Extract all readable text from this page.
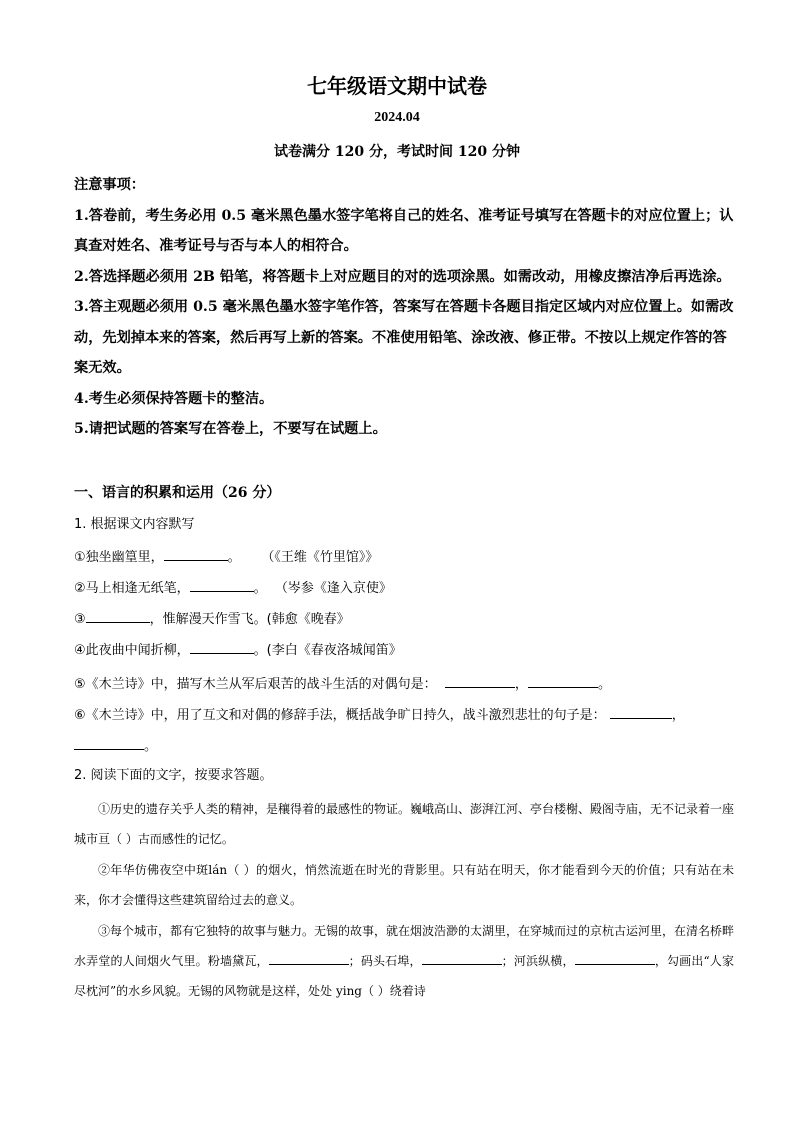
七年级语文期中试卷
2024.04
试卷满分 120 分，考试时间 120 分钟

注意事项：

1.答卷前，考生务必用 0.5 毫米黑色墨水签字笔将自己的姓名、准考证号填写在答题卡的对应位置上；认真查对姓名、准考证号与否与本人的相符合。

2.答选择题必须用 2B 铅笔，将答题卡上对应题目的对的选项涂黑。如需改动，用橡皮擦洁净后再选涂。

3.答主观题必须用 0.5 毫米黑色墨水签字笔作答，答案写在答题卡各题目指定区域内对应位置上。如需改动，先划掉本来的答案，然后再写上新的答案。不准使用铅笔、涂改液、修正带。不按以上规定作答的答案无效。

4.考生必须保持答题卡的整洁。

5.请把试题的答案写在答卷上，不要写在试题上。

一、语言的积累和运用（26 分）
1. 根据课文内容默写
①独坐幽篁里，	。     （《王维《竹里馆》》
②马上相逢无纸笔，	。  （岑参《逢入京使》
③	，惟解漫天作雪飞。(韩愈《晚春》
④此夜曲中闻折柳，	。(李白《春夜洛城闻笛》
⑤《木兰诗》中，描写木兰从军后艰苦的战斗生活的对偶句是：	，	。
⑥《木兰诗》中，用了互文和对偶的修辞手法，概括战争旷日持久，战斗激烈悲壮的句子是：	，
。
2. 阅读下面的文字，按要求答题。

①历史的遗存关乎人类的精神，是穰得着的最感性的物证。巍峨高山、澎湃江河、亭台楼榭、殿阁寺庙，无不记录着一座城市亘（ ）古而感性的记忆。

②年华仿佛夜空中斑lán（ ）的烟火，悄然流逝在时光的背影里。只有站在明天，你才能看到今天的价值；只有站在未来，你才会懂得这些建筑留给过去的意义。

③每个城市，都有它独特的故事与魅力。无锡的故事，就在烟波浩渺的太湖里，在穿城而过的京杭古运河里，在清名桥畔水弄堂的人间烟火气里。粉墙黛瓦，	；码头石埠，	；河浜纵横，	，勾画出“人家尽枕河”的水乡风貌。无锡的风物就是这样，处处 ying（ ）绕着诗
